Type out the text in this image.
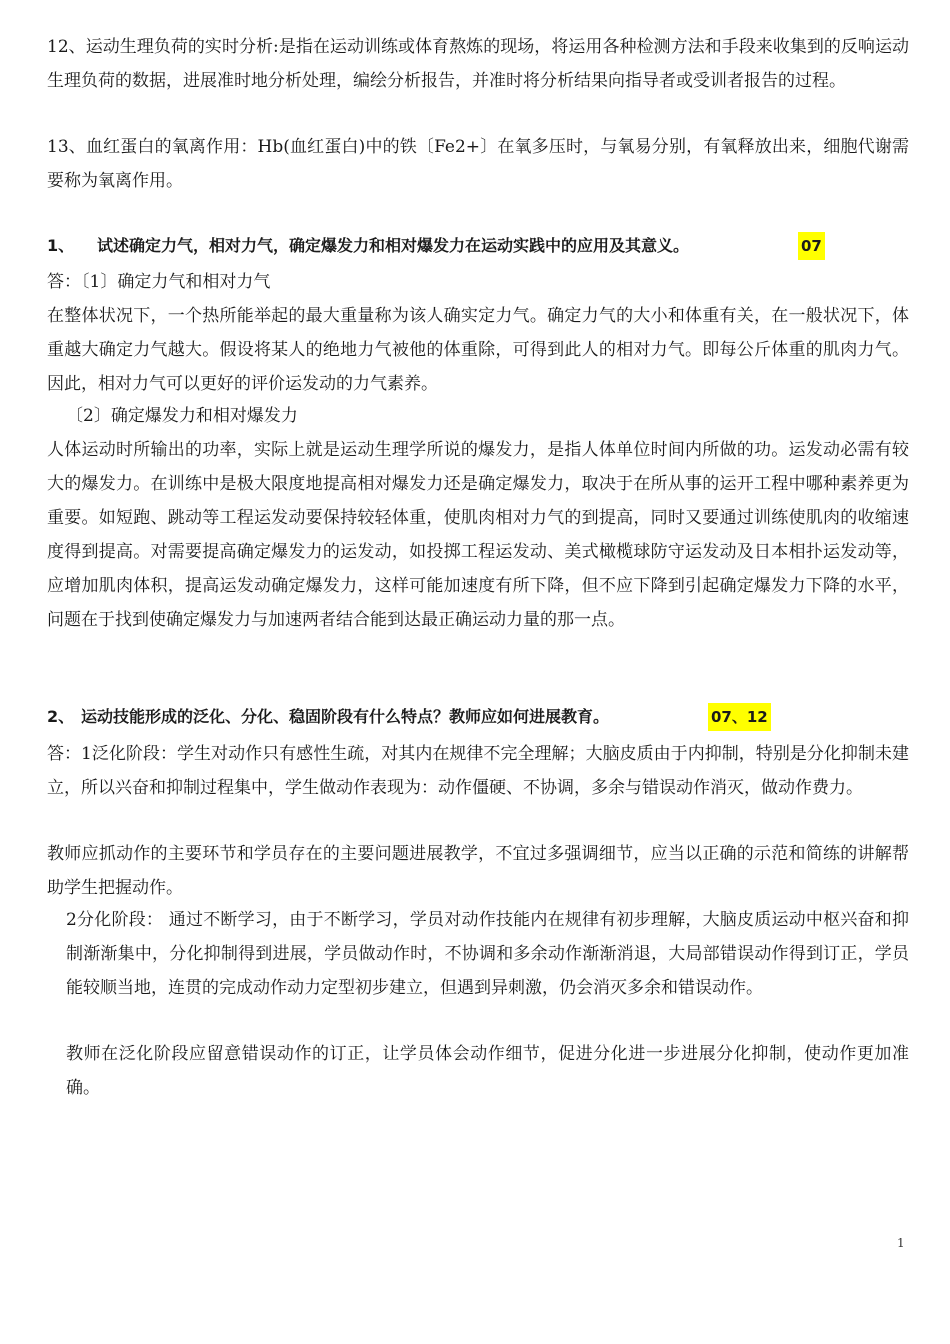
12、运动生理负荷的实时分析:是指在运动训练或体育熬炼的现场，将运用各种检测方法和手段来收集到的反响运动生理负荷的数据，进展准时地分析处理，编绘分析报告，并准时将分析结果向指导者或受训者报告的过程。

13、血红蛋白的氧离作用：Hb(血红蛋白)中的铁〔Fe2+〕在氧多压时，与氧易分别，有氧释放出来，细胞代谢需要称为氧离作用。

1、 试述确定力气，相对力气，确定爆发力和相对爆发力在运动实践中的应用及其意义。	07

答：〔1〕确定力气和相对力气

在整体状况下，一个热所能举起的最大重量称为该人确实定力气。确定力气的大小和体重有关，在一般状况下，体重越大确定力气越大。假设将某人的绝地力气被他的体重除，可得到此人的相对力气。即每公斤体重的肌肉力气。因此，相对力气可以更好的评价运发动的力气素养。

〔2〕确定爆发力和相对爆发力

人体运动时所输出的功率，实际上就是运动生理学所说的爆发力，是指人体单位时间内所做的功。运发动必需有较大的爆发力。在训练中是极大限度地提高相对爆发力还是确定爆发力，取决于在所从事的运开工程中哪种素养更为重要。如短跑、跳动等工程运发动要保持较轻体重，使肌肉相对力气的到提高，同时又要通过训练使肌肉的收缩速度得到提高。对需要提高确定爆发力的运发动，如投掷工程运发动、美式橄榄球防守运发动及日本相扑运发动等，应增加肌肉体积，提高运发动确定爆发力，这样可能加速度有所下降，但不应下降到引起确定爆发力下降的水平，问题在于找到使确定爆发力与加速两者结合能到达最正确运动力量的那一点。

2、 运动技能形成的泛化、分化、稳固阶段有什么特点？教师应如何进展教育。	07、12

答：1泛化阶段：学生对动作只有感性生疏，对其内在规律不完全理解；大脑皮质由于内抑制，特别是分化抑制未建立，所以兴奋和抑制过程集中，学生做动作表现为：动作僵硬、不协调，多余与错误动作消灭，做动作费力。

教师应抓动作的主要环节和学员存在的主要问题进展教学，不宜过多强调细节，应当以正确的示范和简练的讲解帮助学生把握动作。

2分化阶段： 通过不断学习，由于不断学习，学员对动作技能内在规律有初步理解，大脑皮质运动中枢兴奋和抑制渐渐集中，分化抑制得到进展，学员做动作时，不协调和多余动作渐渐消退，大局部错误动作得到订正，学员能较顺当地，连贯的完成动作动力定型初步建立，但遇到异刺激，仍会消灭多余和错误动作。

教师在泛化阶段应留意错误动作的订正，让学员体会动作细节，促进分化进一步进展分化抑制，使动作更加准确。

1
